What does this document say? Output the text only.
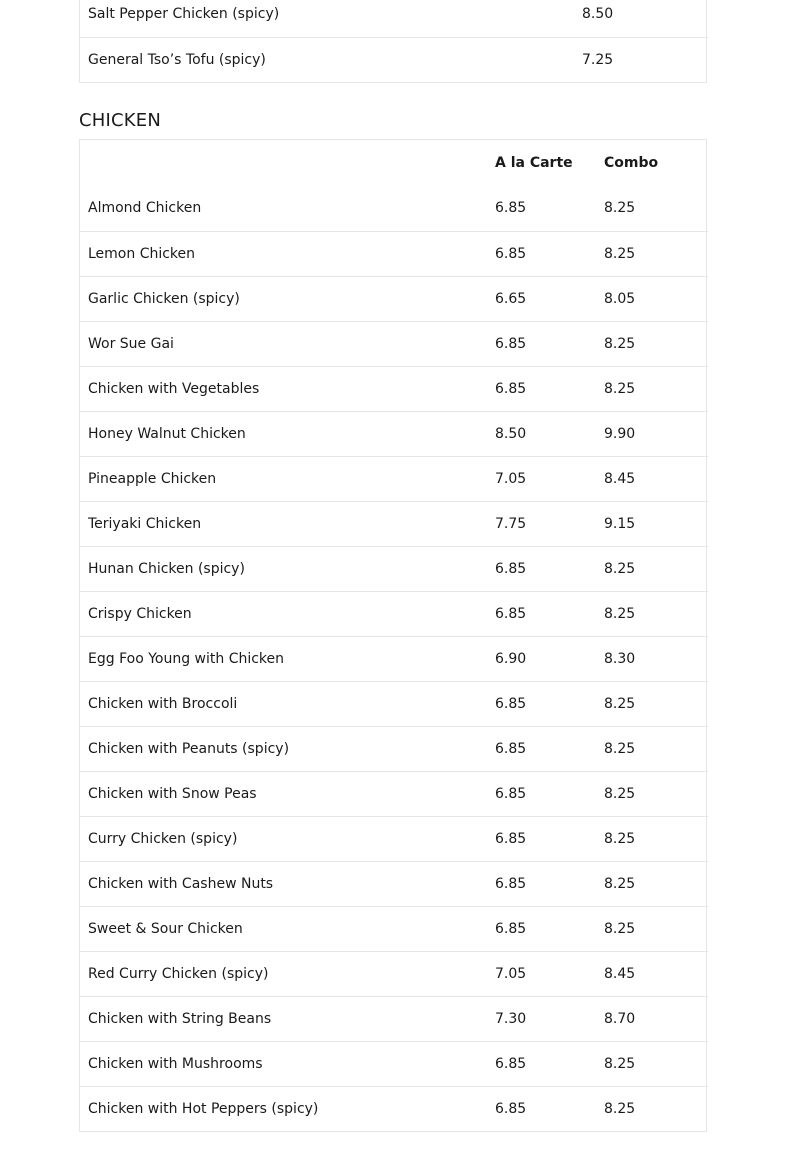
Salt Pepper Chicken (spicy)	8.50
General Tso’s Tofu (spicy)	7.25
CHICKEN
	A la Carte	Combo
Almond Chicken	6.85	8.25
Lemon Chicken	6.85	8.25
Garlic Chicken (spicy)	6.65	8.05
Wor Sue Gai	6.85	8.25
Chicken with Vegetables	6.85	8.25
Honey Walnut Chicken	8.50	9.90
Pineapple Chicken	7.05	8.45
Teriyaki Chicken	7.75	9.15
Hunan Chicken (spicy)	6.85	8.25
Crispy Chicken	6.85	8.25
Egg Foo Young with Chicken	6.90	8.30
Chicken with Broccoli	6.85	8.25
Chicken with Peanuts (spicy)	6.85	8.25
Chicken with Snow Peas	6.85	8.25
Curry Chicken (spicy)	6.85	8.25
Chicken with Cashew Nuts	6.85	8.25
Sweet & Sour Chicken	6.85	8.25
Red Curry Chicken (spicy)	7.05	8.45
Chicken with String Beans	7.30	8.70
Chicken with Mushrooms	6.85	8.25
Chicken with Hot Peppers (spicy)	6.85	8.25
